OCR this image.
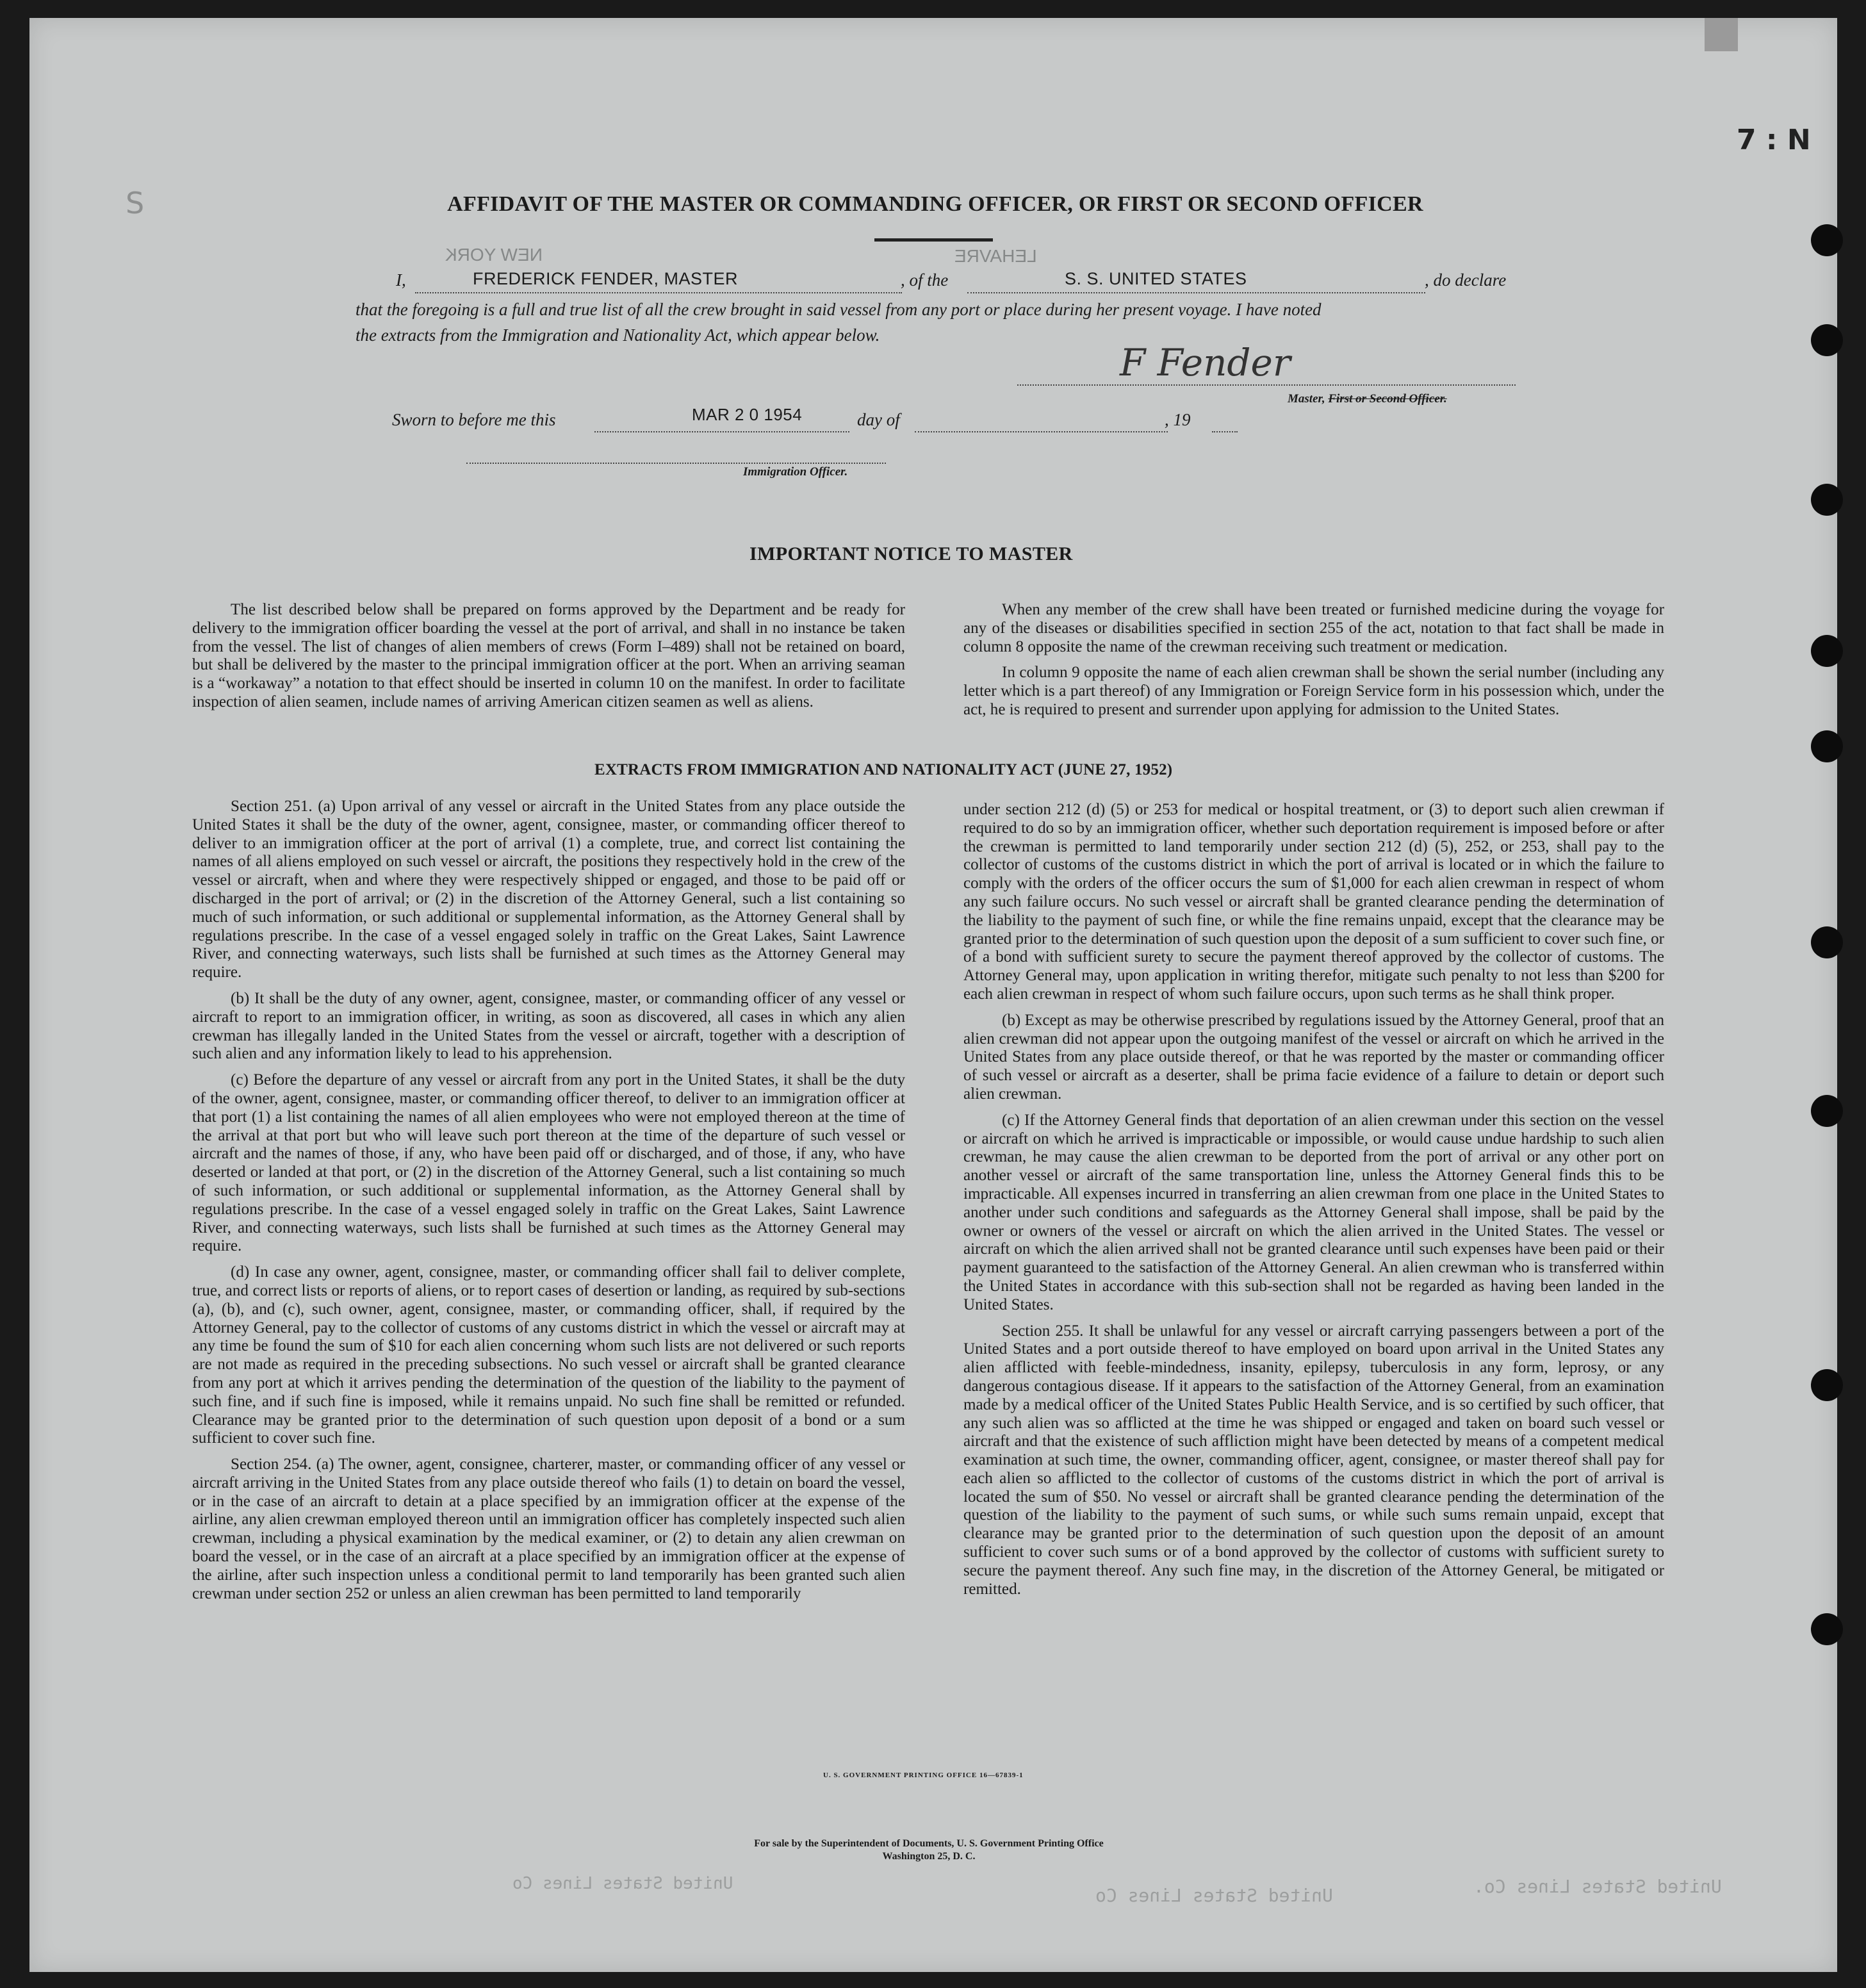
7 : N
S	AFFIDAVIT OF THE MASTER OR COMMANDING OFFICER, OR FIRST OR SECOND OFFICER
NEW YORK	LEHAVRE
I,	FREDERICK FENDER, MASTER	, of the	S. S. UNITED STATES	, do declare
that the foregoing is a full and true list of all the crew brought in said vessel from any port or place during her present voyage. I have noted
the extracts from the Immigration and Nationality Act, which appear below.
F Fender
Master, First or Second Officer.
Sworn to before me this	MAR 2 0 1954	day of	, 19
Immigration Officer.
IMPORTANT NOTICE TO MASTER

The list described below shall be prepared on forms approved by the Department and be ready for delivery to the immigration officer boarding the vessel at the port of arrival, and shall in no instance be taken from the vessel. The list of changes of alien members of crews (Form I–489) shall not be retained on board, but shall be delivered by the master to the principal immigration officer at the port. When an arriving seaman is a “workaway” a notation to that effect should be inserted in column 10 on the manifest. In order to facilitate inspection of alien seamen, include names of arriving American citizen seamen as well as aliens.

When any member of the crew shall have been treated or furnished medicine during the voyage for any of the diseases or disabilities specified in section 255 of the act, notation to that fact shall be made in column 8 opposite the name of the crewman receiving such treatment or medication.

In column 9 opposite the name of each alien crewman shall be shown the serial number (including any letter which is a part thereof) of any Immigration or Foreign Service form in his possession which, under the act, he is required to present and surrender upon applying for admission to the United States.

EXTRACTS FROM IMMIGRATION AND NATIONALITY ACT (JUNE 27, 1952)

Section 251. (a) Upon arrival of any vessel or aircraft in the United States from any place outside the United States it shall be the duty of the owner, agent, consignee, master, or commanding officer thereof to deliver to an immigration officer at the port of arrival (1) a complete, true, and correct list containing the names of all aliens employed on such vessel or aircraft, the positions they respectively hold in the crew of the vessel or aircraft, when and where they were respectively shipped or engaged, and those to be paid off or discharged in the port of arrival; or (2) in the discretion of the Attorney General, such a list containing so much of such information, or such additional or supplemental information, as the Attorney General shall by regulations prescribe. In the case of a vessel engaged solely in traffic on the Great Lakes, Saint Lawrence River, and connecting waterways, such lists shall be furnished at such times as the Attorney General may require.

(b) It shall be the duty of any owner, agent, consignee, master, or commanding officer of any vessel or aircraft to report to an immigration officer, in writing, as soon as discovered, all cases in which any alien crewman has illegally landed in the United States from the vessel or aircraft, together with a description of such alien and any information likely to lead to his apprehension.

(c) Before the departure of any vessel or aircraft from any port in the United States, it shall be the duty of the owner, agent, consignee, master, or commanding officer thereof, to deliver to an immigration officer at that port (1) a list containing the names of all alien employees who were not employed thereon at the time of the arrival at that port but who will leave such port thereon at the time of the departure of such vessel or aircraft and the names of those, if any, who have been paid off or discharged, and of those, if any, who have deserted or landed at that port, or (2) in the discretion of the Attorney General, such a list containing so much of such information, or such additional or supplemental information, as the Attorney General shall by regulations prescribe. In the case of a vessel engaged solely in traffic on the Great Lakes, Saint Lawrence River, and connecting waterways, such lists shall be furnished at such times as the Attorney General may require.

(d) In case any owner, agent, consignee, master, or commanding officer shall fail to deliver complete, true, and correct lists or reports of aliens, or to report cases of desertion or landing, as required by sub-sections (a), (b), and (c), such owner, agent, consignee, master, or commanding officer, shall, if required by the Attorney General, pay to the collector of customs of any customs district in which the vessel or aircraft may at any time be found the sum of $10 for each alien concerning whom such lists are not delivered or such reports are not made as required in the preceding subsections. No such vessel or aircraft shall be granted clearance from any port at which it arrives pending the determination of the question of the liability to the payment of such fine, and if such fine is imposed, while it remains unpaid. No such fine shall be remitted or refunded. Clearance may be granted prior to the determination of such question upon deposit of a bond or a sum sufficient to cover such fine.

Section 254. (a) The owner, agent, consignee, charterer, master, or commanding officer of any vessel or aircraft arriving in the United States from any place outside thereof who fails (1) to detain on board the vessel, or in the case of an aircraft to detain at a place specified by an immigration officer at the expense of the airline, any alien crewman employed thereon until an immigration officer has completely inspected such alien crewman, including a physical examination by the medical examiner, or (2) to detain any alien crewman on board the vessel, or in the case of an aircraft at a place specified by an immigration officer at the expense of the airline, after such inspection unless a conditional permit to land temporarily has been granted such alien crewman under section 252 or unless an alien crewman has been permitted to land temporarily

under section 212 (d) (5) or 253 for medical or hospital treatment, or (3) to deport such alien crewman if required to do so by an immigration officer, whether such deportation requirement is imposed before or after the crewman is permitted to land temporarily under section 212 (d) (5), 252, or 253, shall pay to the collector of customs of the customs district in which the port of arrival is located or in which the failure to comply with the orders of the officer occurs the sum of $1,000 for each alien crewman in respect of whom any such failure occurs. No such vessel or aircraft shall be granted clearance pending the determination of the liability to the payment of such fine, or while the fine remains unpaid, except that the clearance may be granted prior to the determination of such question upon the deposit of a sum sufficient to cover such fine, or of a bond with sufficient surety to secure the payment thereof approved by the collector of customs. The Attorney General may, upon application in writing therefor, mitigate such penalty to not less than $200 for each alien crewman in respect of whom such failure occurs, upon such terms as he shall think proper.

(b) Except as may be otherwise prescribed by regulations issued by the Attorney General, proof that an alien crewman did not appear upon the outgoing manifest of the vessel or aircraft on which he arrived in the United States from any place outside thereof, or that he was reported by the master or commanding officer of such vessel or aircraft as a deserter, shall be prima facie evidence of a failure to detain or deport such alien crewman.

(c) If the Attorney General finds that deportation of an alien crewman under this section on the vessel or aircraft on which he arrived is impracticable or impossible, or would cause undue hardship to such alien crewman, he may cause the alien crewman to be deported from the port of arrival or any other port on another vessel or aircraft of the same transportation line, unless the Attorney General finds this to be impracticable. All expenses incurred in transferring an alien crewman from one place in the United States to another under such conditions and safeguards as the Attorney General shall impose, shall be paid by the owner or owners of the vessel or aircraft on which the alien arrived in the United States. The vessel or aircraft on which the alien arrived shall not be granted clearance until such expenses have been paid or their payment guaranteed to the satisfaction of the Attorney General. An alien crewman who is transferred within the United States in accordance with this sub-section shall not be regarded as having been landed in the United States.

Section 255. It shall be unlawful for any vessel or aircraft carrying passengers between a port of the United States and a port outside thereof to have employed on board upon arrival in the United States any alien afflicted with feeble-mindedness, insanity, epilepsy, tuberculosis in any form, leprosy, or any dangerous contagious disease. If it appears to the satisfaction of the Attorney General, from an examination made by a medical officer of the United States Public Health Service, and is so certified by such officer, that any such alien was so afflicted at the time he was shipped or engaged and taken on board such vessel or aircraft and that the existence of such affliction might have been detected by means of a competent medical examination at such time, the owner, commanding officer, agent, consignee, or master thereof shall pay for each alien so afflicted to the collector of customs of the customs district in which the port of arrival is located the sum of $50. No vessel or aircraft shall be granted clearance pending the determination of the question of the liability to the payment of such sums, or while such sums remain unpaid, except that clearance may be granted prior to the determination of such question upon the deposit of an amount sufficient to cover such sums or of a bond approved by the collector of customs with sufficient surety to secure the payment thereof. Any such fine may, in the discretion of the Attorney General, be mitigated or remitted.

U. S. GOVERNMENT PRINTING OFFICE 16—67839-1
For sale by the Superintendent of Documents, U. S. Government Printing Office
Washington 25, D. C.
United States Lines Co
United States Lines Co	United States Lines Co.
